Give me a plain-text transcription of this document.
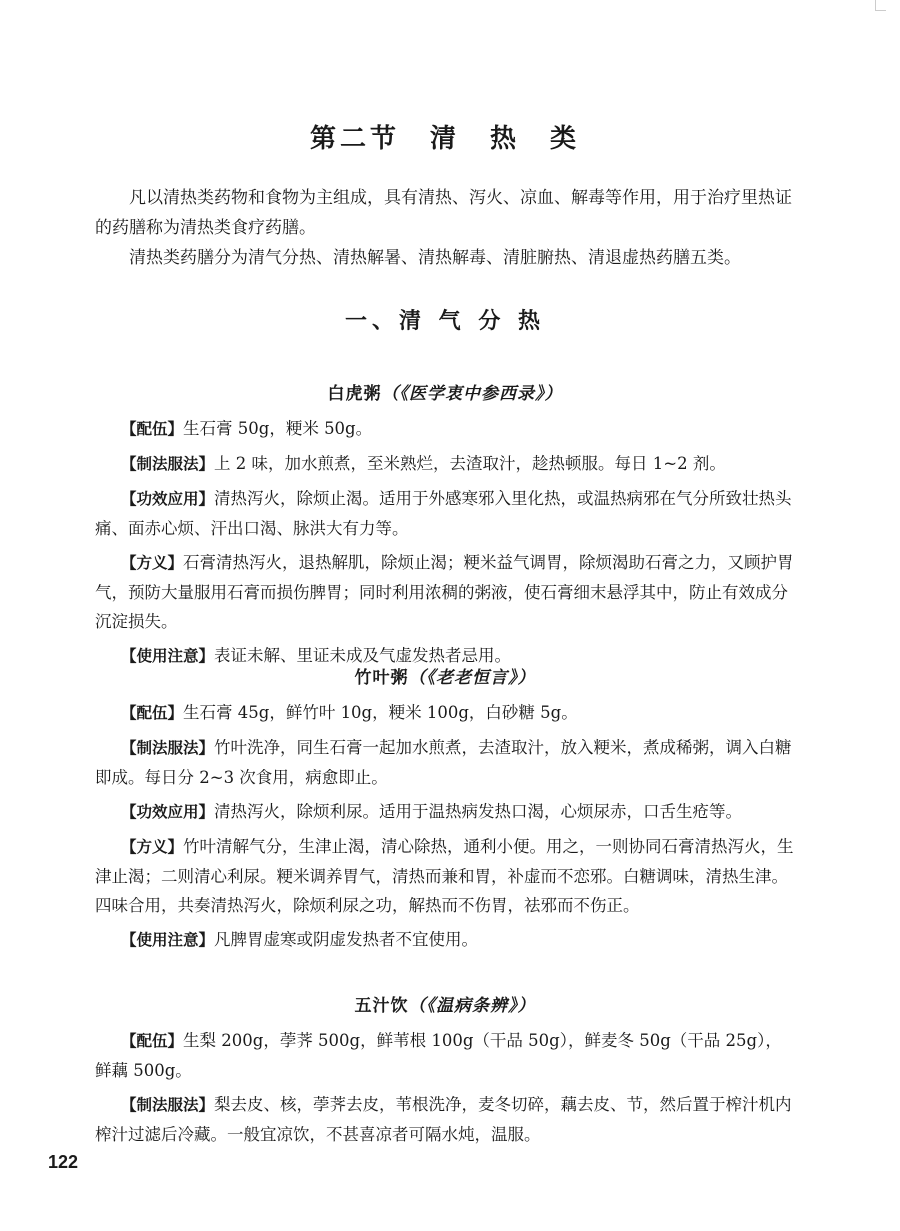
第二节　清　热　类

凡以清热类药物和食物为主组成，具有清热、泻火、凉血、解毒等作用，用于治疗里热证的药膳称为清热类食疗药膳。

清热类药膳分为清气分热、清热解暑、清热解毒、清脏腑热、清退虚热药膳五类。

一、清 气 分 热
白虎粥（《医学衷中参西录》）

【配伍】生石膏 50g，粳米 50g。

【制法服法】上 2 味，加水煎煮，至米熟烂，去渣取汁，趁热顿服。每日 1~2 剂。

【功效应用】清热泻火，除烦止渴。适用于外感寒邪入里化热，或温热病邪在气分所致壮热头痛、面赤心烦、汗出口渴、脉洪大有力等。

【方义】石膏清热泻火，退热解肌，除烦止渴；粳米益气调胃，除烦渴助石膏之力，又顾护胃气，预防大量服用石膏而损伤脾胃；同时利用浓稠的粥液，使石膏细末悬浮其中，防止有效成分沉淀损失。

【使用注意】表证未解、里证未成及气虚发热者忌用。

竹叶粥（《老老恒言》）

【配伍】生石膏 45g，鲜竹叶 10g，粳米 100g，白砂糖 5g。

【制法服法】竹叶洗净，同生石膏一起加水煎煮，去渣取汁，放入粳米，煮成稀粥，调入白糖即成。每日分 2~3 次食用，病愈即止。

【功效应用】清热泻火，除烦利尿。适用于温热病发热口渴，心烦尿赤，口舌生疮等。

【方义】竹叶清解气分，生津止渴，清心除热，通利小便。用之，一则协同石膏清热泻火，生津止渴；二则清心利尿。粳米调养胃气，清热而兼和胃，补虚而不恋邪。白糖调味，清热生津。四味合用，共奏清热泻火，除烦利尿之功，解热而不伤胃，祛邪而不伤正。

【使用注意】凡脾胃虚寒或阴虚发热者不宜使用。

五汁饮（《温病条辨》）

【配伍】生梨 200g，荸荠 500g，鲜苇根 100g（干品 50g），鲜麦冬 50g（干品 25g），鲜藕 500g。

【制法服法】梨去皮、核，荸荠去皮，苇根洗净，麦冬切碎，藕去皮、节，然后置于榨汁机内榨汁过滤后冷藏。一般宜凉饮，不甚喜凉者可隔水炖，温服。

122
